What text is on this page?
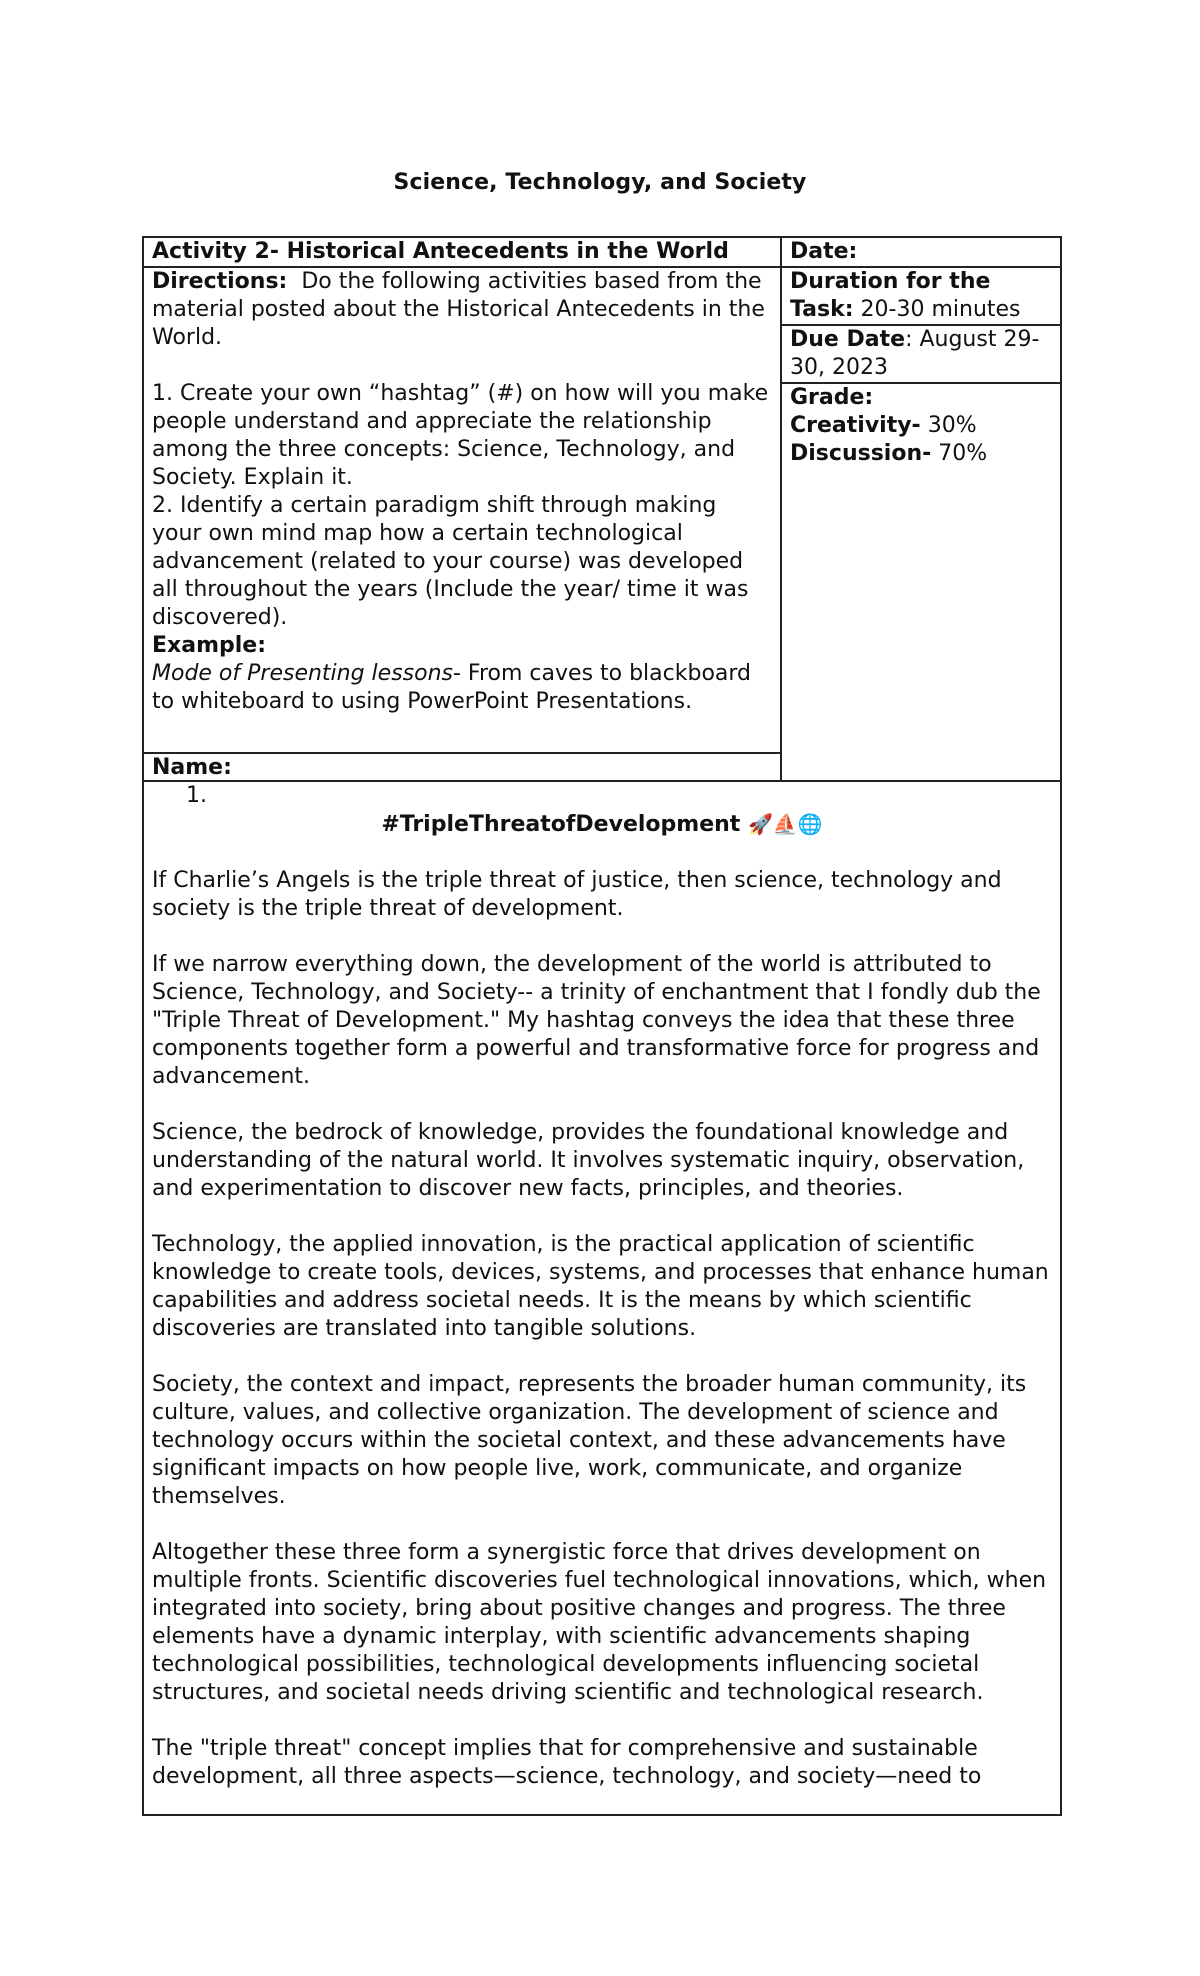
Science, Technology, and Society
Activity 2- Historical Antecedents in the World

Directions:  Do the following activities based from the material posted about the Historical Antecedents in the World.

1. Create your own “hashtag” (#) on how will you make people understand and appreciate the relationship among the three concepts: Science, Technology, and Society. Explain it.

2. Identify a certain paradigm shift through making your own mind map how a certain technological advancement (related to your course) was developed all throughout the years (Include the year/ time it was discovered).

Example:

Mode of Presenting lessons- From caves to blackboard to whiteboard to using PowerPoint Presentations.

Name:
Date:
Duration for the Task: 20-30 minutes
Due Date: August 29-30, 2023

Grade:

Creativity- 30%

Discussion- 70%

1.

#TripleThreatofDevelopment 🚀⛵🌐

If Charlie’s Angels is the triple threat of justice, then science, technology and society is the triple threat of development.

If we narrow everything down, the development of the world is attributed to Science, Technology, and Society-- a trinity of enchantment that I fondly dub the "Triple Threat of Development." My hashtag conveys the idea that these three components together form a powerful and transformative force for progress and advancement.

Science, the bedrock of knowledge, provides the foundational knowledge and understanding of the natural world. It involves systematic inquiry, observation, and experimentation to discover new facts, principles, and theories.

Technology, the applied innovation, is the practical application of scientific knowledge to create tools, devices, systems, and processes that enhance human capabilities and address societal needs. It is the means by which scientific discoveries are translated into tangible solutions.

Society, the context and impact, represents the broader human community, its culture, values, and collective organization. The development of science and technology occurs within the societal context, and these advancements have significant impacts on how people live, work, communicate, and organize themselves.

Altogether these three form a synergistic force that drives development on multiple fronts. Scientific discoveries fuel technological innovations, which, when integrated into society, bring about positive changes and progress. The three elements have a dynamic interplay, with scientific advancements shaping technological possibilities, technological developments influencing societal structures, and societal needs driving scientific and technological research.

The "triple threat" concept implies that for comprehensive and sustainable development, all three aspects—science, technology, and society—need to
